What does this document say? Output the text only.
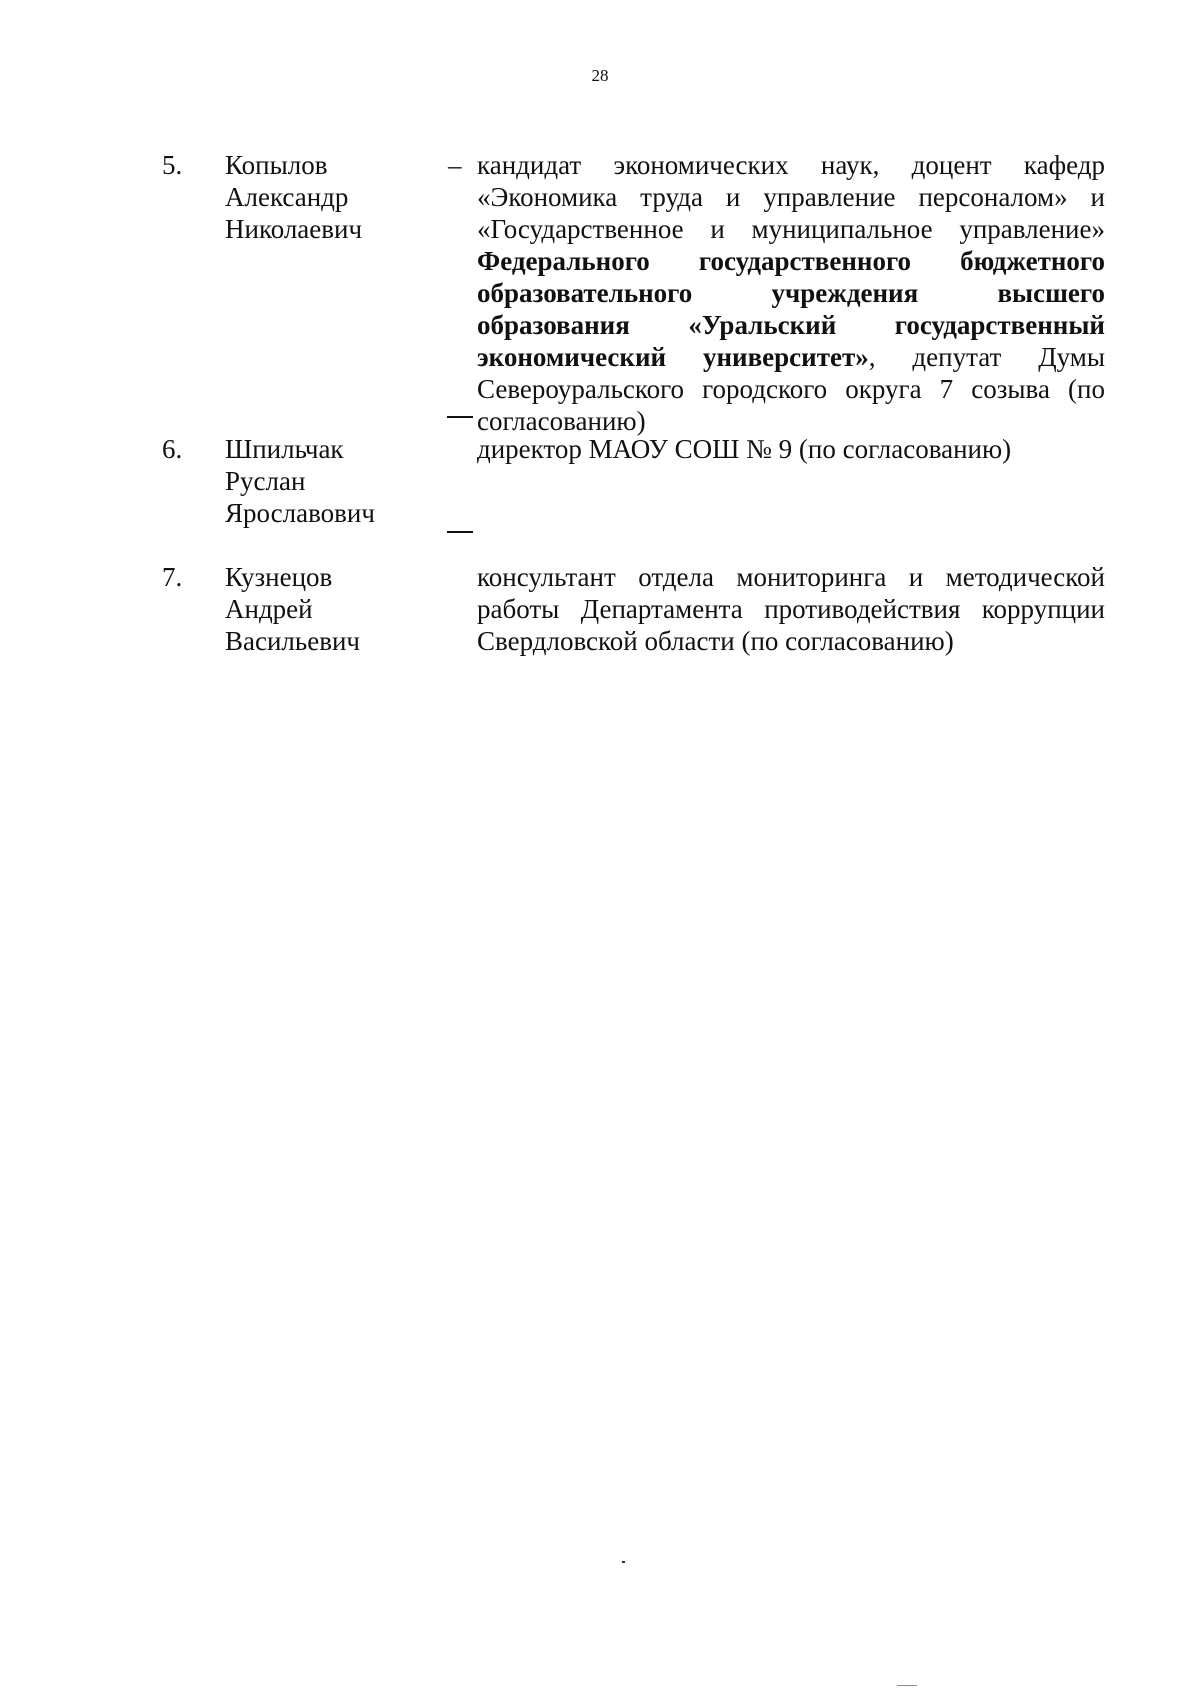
28
5. Копылов
Александр
Николаевич
– кандидат экономических наук, доцент кафедр «Экономика труда и управление персоналом» и «Государственное и муниципальное управление» Федерального государственного бюджетного образовательного учреждения высшего образования «Уральский государственный экономический университет», депутат Думы Североуральского городского округа 7 созыва (по согласованию)
6. Шпильчак
Руслан
Ярославович
директор МАОУ СОШ № 9 (по согласованию)
7. Кузнецов
Андрей
Васильевич
консультант отдела мониторинга и методической работы Департамента противодействия коррупции Свердловской области (по согласованию)
